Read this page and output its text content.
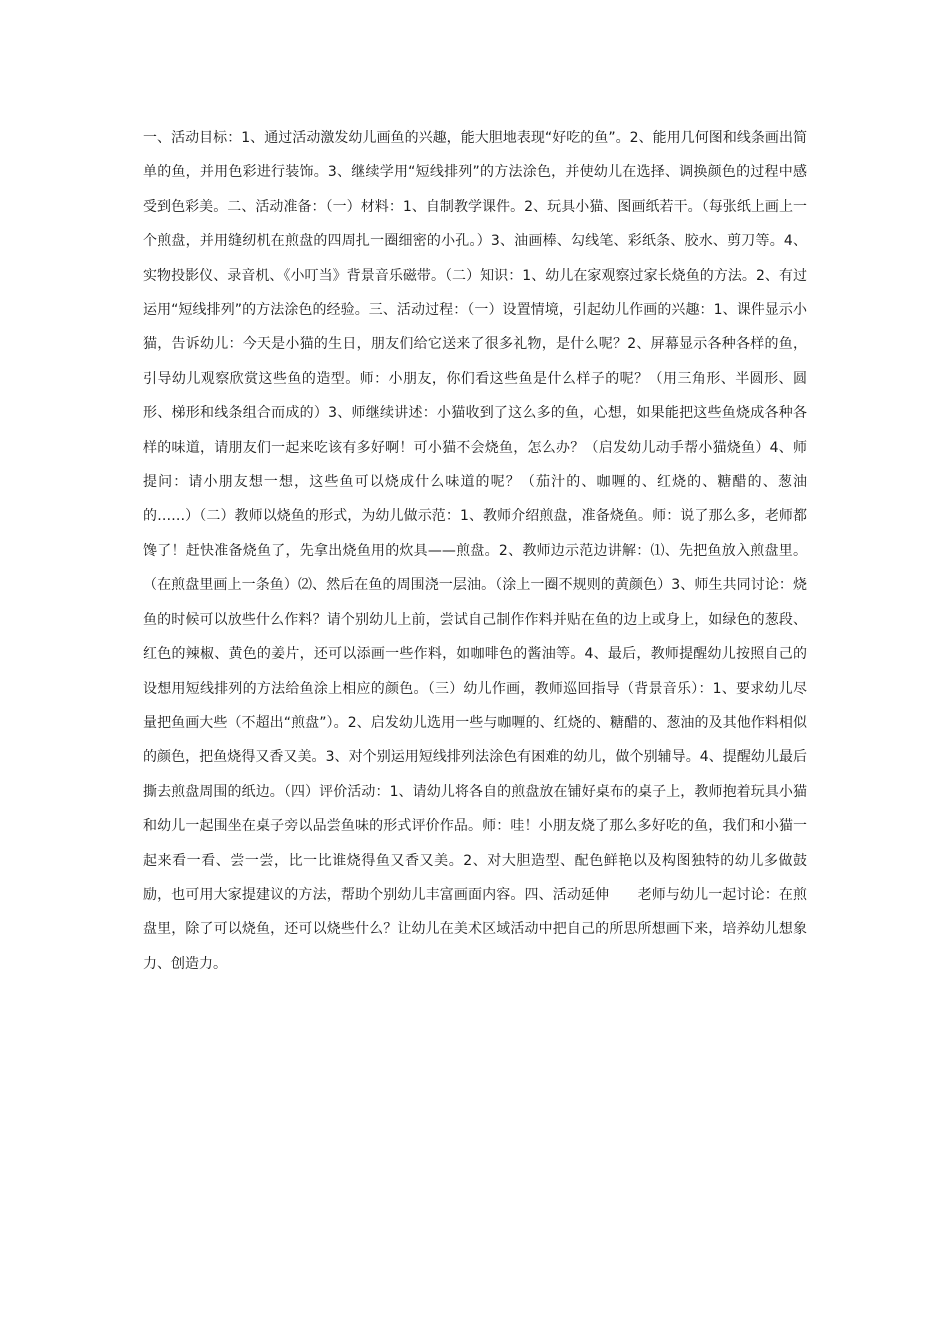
一、活动目标：1、通过活动激发幼儿画鱼的兴趣，能大胆地表现“好吃的鱼”。2、能用几何图和线条画出简单的鱼，并用色彩进行装饰。3、继续学用“短线排列”的方法涂色，并使幼儿在选择、调换颜色的过程中感受到色彩美。二、活动准备：（一）材料：1、自制教学课件。2、玩具小猫、图画纸若干。（每张纸上画上一个煎盘，并用缝纫机在煎盘的四周扎一圈细密的小孔。）3、油画棒、勾线笔、彩纸条、胶水、剪刀等。4、实物投影仪、录音机、《小叮当》背景音乐磁带。（二）知识：1、幼儿在家观察过家长烧鱼的方法。2、有过运用“短线排列”的方法涂色的经验。三、活动过程：（一）设置情境，引起幼儿作画的兴趣：1、课件显示小猫，告诉幼儿：今天是小猫的生日，朋友们给它送来了很多礼物，是什么呢？2、屏幕显示各种各样的鱼，引导幼儿观察欣赏这些鱼的造型。师：小朋友，你们看这些鱼是什么样子的呢？（用三角形、半圆形、圆形、梯形和线条组合而成的）3、师继续讲述：小猫收到了这么多的鱼，心想，如果能把这些鱼烧成各种各样的味道，请朋友们一起来吃该有多好啊！可小猫不会烧鱼，怎么办？（启发幼儿动手帮小猫烧鱼）4、师提问：请小朋友想一想，这些鱼可以烧成什么味道的呢？（茄汁的、咖喱的、红烧的、糖醋的、葱油的……）（二）教师以烧鱼的形式，为幼儿做示范：1、教师介绍煎盘，准备烧鱼。师：说了那么多，老师都馋了！赶快准备烧鱼了，先拿出烧鱼用的炊具——煎盘。2、教师边示范边讲解：⑴、先把鱼放入煎盘里。（在煎盘里画上一条鱼）⑵、然后在鱼的周围浇一层油。（涂上一圈不规则的黄颜色）3、师生共同讨论：烧鱼的时候可以放些什么作料？请个别幼儿上前，尝试自己制作作料并贴在鱼的边上或身上，如绿色的葱段、红色的辣椒、黄色的姜片，还可以添画一些作料，如咖啡色的酱油等。4、最后，教师提醒幼儿按照自己的设想用短线排列的方法给鱼涂上相应的颜色。（三）幼儿作画，教师巡回指导（背景音乐）：1、要求幼儿尽量把鱼画大些（不超出“煎盘”）。2、启发幼儿选用一些与咖喱的、红烧的、糖醋的、葱油的及其他作料相似的颜色，把鱼烧得又香又美。3、对个别运用短线排列法涂色有困难的幼儿，做个别辅导。4、提醒幼儿最后撕去煎盘周围的纸边。（四）评价活动：1、请幼儿将各自的煎盘放在铺好桌布的桌子上，教师抱着玩具小猫和幼儿一起围坐在桌子旁以品尝鱼味的形式评价作品。师：哇！小朋友烧了那么多好吃的鱼，我们和小猫一起来看一看、尝一尝，比一比谁烧得鱼又香又美。2、对大胆造型、配色鲜艳以及构图独特的幼儿多做鼓励，也可用大家提建议的方法，帮助个别幼儿丰富画面内容。四、活动延伸　　老师与幼儿一起讨论：在煎盘里，除了可以烧鱼，还可以烧些什么？让幼儿在美术区域活动中把自己的所思所想画下来，培养幼儿想象力、创造力。
